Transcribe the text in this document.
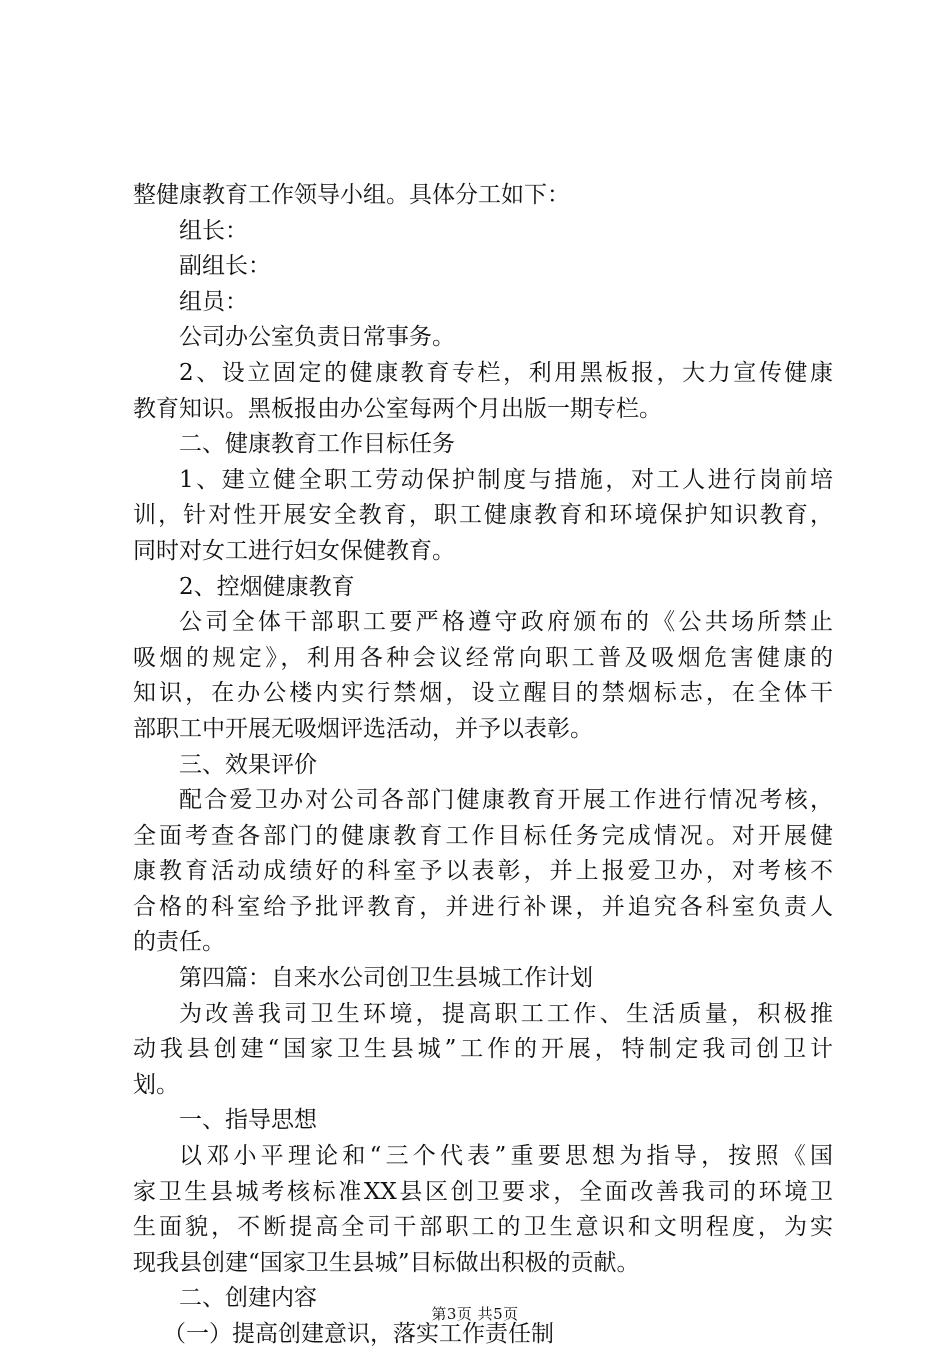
整健康教育工作领导小组。具体分工如下：
组长：
副组长：
组员：
公司办公室负责日常事务。
2、设立固定的健康教育专栏，利用黑板报，大力宣传健康
教育知识。黑板报由办公室每两个月出版一期专栏。
二、健康教育工作目标任务
1、建立健全职工劳动保护制度与措施，对工人进行岗前培
训，针对性开展安全教育，职工健康教育和环境保护知识教育，
同时对女工进行妇女保健教育。
2、控烟健康教育
公司全体干部职工要严格遵守政府颁布的《公共场所禁止
吸烟的规定》，利用各种会议经常向职工普及吸烟危害健康的
知识，在办公楼内实行禁烟，设立醒目的禁烟标志，在全体干
部职工中开展无吸烟评选活动，并予以表彰。
三、效果评价
配合爱卫办对公司各部门健康教育开展工作进行情况考核，
全面考查各部门的健康教育工作目标任务完成情况。对开展健
康教育活动成绩好的科室予以表彰，并上报爱卫办，对考核不
合格的科室给予批评教育，并进行补课，并追究各科室负责人
的责任。
第四篇：自来水公司创卫生县城工作计划
为改善我司卫生环境，提高职工工作、生活质量，积极推
动我县创建“国家卫生县城”工作的开展，特制定我司创卫计
划。
一、指导思想
以邓小平理论和“三个代表”重要思想为指导，按照《国
家卫生县城考核标准XX县区创卫要求，全面改善我司的环境卫
生面貌，不断提高全司干部职工的卫生意识和文明程度，为实
现我县创建“国家卫生县城”目标做出积极的贡献。
二、创建内容
（一）提高创建意识，落实工作责任制
第3页 共5页
